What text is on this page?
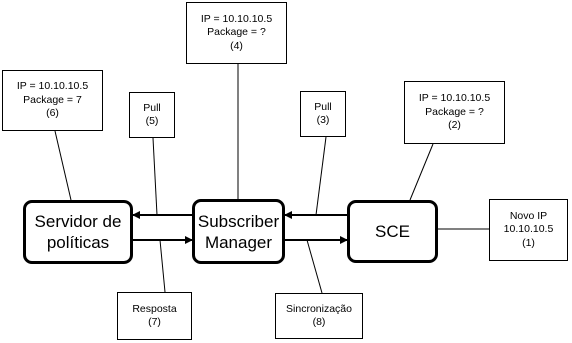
Servidor de
políticas
Subscriber
Manager
SCE
Novo IP
10.10.10.5
(1)
IP = 10.10.10.5
Package = ?
(2)
Pull
(3)
IP = 10.10.10.5
Package = ?
(4)
Pull
(5)
IP = 10.10.10.5
Package = 7
(6)
Resposta
(7)
Sincronização
(8)
